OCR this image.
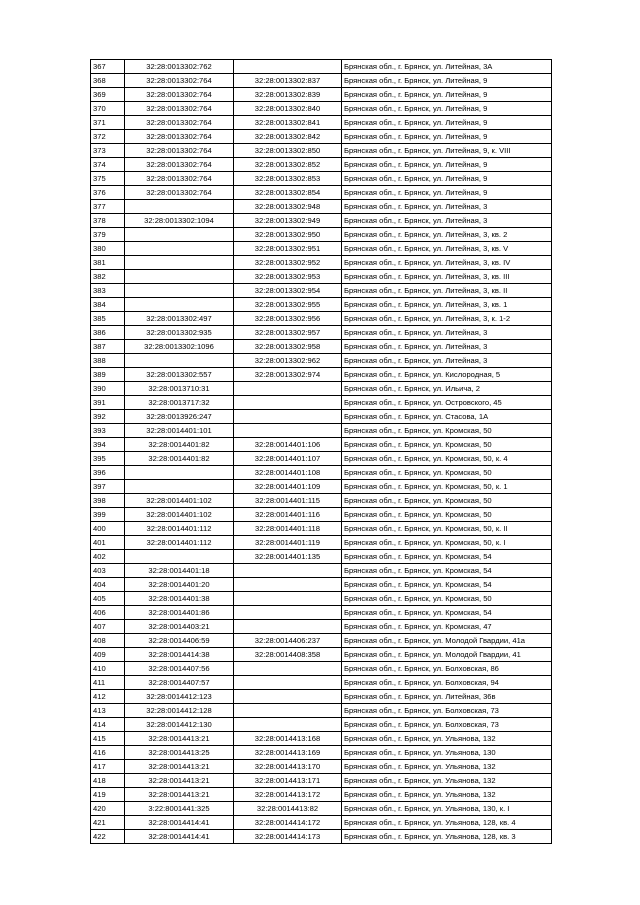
367	32:28:0013302:762		Брянская обл., г. Брянск, ул. Литейная, 3А
368	32:28:0013302:764	32:28:0013302:837	Брянская обл., г. Брянск, ул. Литейная, 9
369	32:28:0013302:764	32:28:0013302:839	Брянская обл., г. Брянск, ул. Литейная, 9
370	32:28:0013302:764	32:28:0013302:840	Брянская обл., г. Брянск, ул. Литейная, 9
371	32:28:0013302:764	32:28:0013302:841	Брянская обл., г. Брянск, ул. Литейная, 9
372	32:28:0013302:764	32:28:0013302:842	Брянская обл., г. Брянск, ул. Литейная, 9
373	32:28:0013302:764	32:28:0013302:850	Брянская обл., г. Брянск, ул. Литейная, 9, к. VIII
374	32:28:0013302:764	32:28:0013302:852	Брянская обл., г. Брянск, ул. Литейная, 9
375	32:28:0013302:764	32:28:0013302:853	Брянская обл., г. Брянск, ул. Литейная, 9
376	32:28:0013302:764	32:28:0013302:854	Брянская обл., г. Брянск, ул. Литейная, 9
377		32:28:0013302:948	Брянская обл., г. Брянск, ул. Литейная, 3
378	32:28:0013302:1094	32:28:0013302:949	Брянская обл., г. Брянск, ул. Литейная, 3
379		32:28:0013302:950	Брянская обл., г. Брянск, ул. Литейная, 3, кв. 2
380		32:28:0013302:951	Брянская обл., г. Брянск, ул. Литейная, 3, кв. V
381		32:28:0013302:952	Брянская обл., г. Брянск, ул. Литейная, 3, кв. IV
382		32:28:0013302:953	Брянская обл., г. Брянск, ул. Литейная, 3, кв. III
383		32:28:0013302:954	Брянская обл., г. Брянск, ул. Литейная, 3, кв. II
384		32:28:0013302:955	Брянская обл., г. Брянск, ул. Литейная, 3, кв. 1
385	32:28:0013302:497	32:28:0013302:956	Брянская обл., г. Брянск, ул. Литейная, 3, к. 1-2
386	32:28:0013302:935	32:28:0013302:957	Брянская обл., г. Брянск, ул. Литейная, 3
387	32:28:0013302:1096	32:28:0013302:958	Брянская обл., г. Брянск, ул. Литейная, 3
388		32:28:0013302:962	Брянская обл., г. Брянск, ул. Литейная, 3
389	32:28:0013302:557	32:28:0013302:974	Брянская обл., г. Брянск, ул. Кислородная, 5
390	32:28:0013710:31		Брянская обл., г. Брянск, ул. Ильича, 2
391	32:28:0013717:32		Брянская обл., г. Брянск, ул. Островского, 45
392	32:28:0013926:247		Брянская обл., г. Брянск, ул. Стасова, 1А
393	32:28:0014401:101		Брянская обл., г. Брянск, ул. Кромская, 50
394	32:28:0014401:82	32:28:0014401:106	Брянская обл., г. Брянск, ул. Кромская, 50
395	32:28:0014401:82	32:28:0014401:107	Брянская обл., г. Брянск, ул. Кромская, 50, к. 4
396		32:28:0014401:108	Брянская обл., г. Брянск, ул. Кромская, 50
397		32:28:0014401:109	Брянская обл., г. Брянск, ул. Кромская, 50, к. 1
398	32:28:0014401:102	32:28:0014401:115	Брянская обл., г. Брянск, ул. Кромская, 50
399	32:28:0014401:102	32:28:0014401:116	Брянская обл., г. Брянск, ул. Кромская, 50
400	32:28:0014401:112	32:28:0014401:118	Брянская обл., г. Брянск, ул. Кромская, 50, к. II
401	32:28:0014401:112	32:28:0014401:119	Брянская обл., г. Брянск, ул. Кромская, 50, к. I
402		32:28:0014401:135	Брянская обл., г. Брянск, ул. Кромская, 54
403	32:28:0014401:18		Брянская обл., г. Брянск, ул. Кромская, 54
404	32:28:0014401:20		Брянская обл., г. Брянск, ул. Кромская, 54
405	32:28:0014401:38		Брянская обл., г. Брянск, ул. Кромская, 50
406	32:28:0014401:86		Брянская обл., г. Брянск, ул. Кромская, 54
407	32:28:0014403:21		Брянская обл., г. Брянск, ул. Кромская, 47
408	32:28:0014406:59	32:28:0014406:237	Брянская обл., г. Брянск, ул. Молодой Гвардии, 41а
409	32:28:0014414:38	32:28:0014408:358	Брянская обл., г. Брянск, ул. Молодой Гвардии, 41
410	32:28:0014407:56		Брянская обл., г. Брянск, ул. Болховская, 86
411	32:28:0014407:57		Брянская обл., г. Брянск, ул. Болховская, 94
412	32:28:0014412:123		Брянская обл., г. Брянск, ул. Литейная, 36в
413	32:28:0014412:128		Брянская обл., г. Брянск, ул. Болховская, 73
414	32:28:0014412:130		Брянская обл., г. Брянск, ул. Болховская, 73
415	32:28:0014413:21	32:28:0014413:168	Брянская обл., г. Брянск, ул. Ульянова, 132
416	32:28:0014413:25	32:28:0014413:169	Брянская обл., г. Брянск, ул. Ульянова, 130
417	32:28:0014413:21	32:28:0014413:170	Брянская обл., г. Брянск, ул. Ульянова, 132
418	32:28:0014413:21	32:28:0014413:171	Брянская обл., г. Брянск, ул. Ульянова, 132
419	32:28:0014413:21	32:28:0014413:172	Брянская обл., г. Брянск, ул. Ульянова, 132
420	3:22:8001441:325	32:28:0014413:82	Брянская обл., г. Брянск, ул. Ульянова, 130, к. I
421	32:28:0014414:41	32:28:0014414:172	Брянская обл., г. Брянск, ул. Ульянова, 128, кв. 4
422	32:28:0014414:41	32:28:0014414:173	Брянская обл., г. Брянск, ул. Ульянова, 128, кв. 3
